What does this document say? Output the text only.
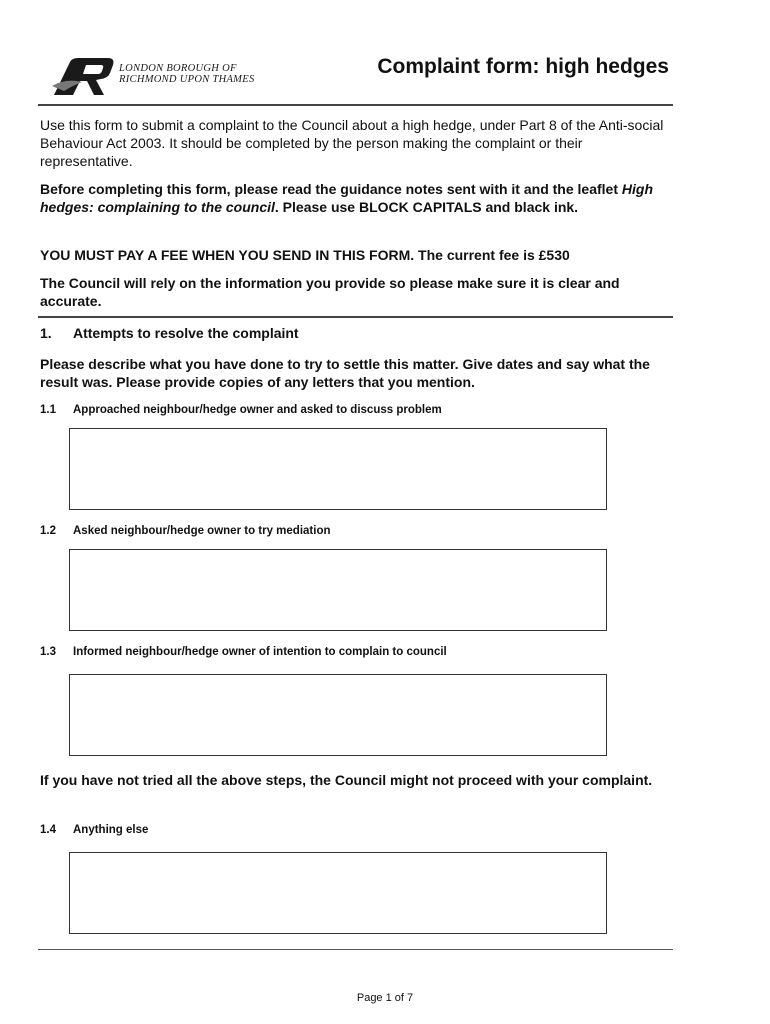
LONDON BOROUGH OF
RICHMOND UPON THAMES
Complaint form: high hedges

Use this form to submit a complaint to the Council about a high hedge, under Part 8 of the Anti-social Behaviour Act 2003. It should be completed by the person making the complaint or their representative.

Before completing this form, please read the guidance notes sent with it and the leaflet High hedges: complaining to the council. Please use BLOCK CAPITALS and black ink.

YOU MUST PAY A FEE WHEN YOU SEND IN THIS FORM. The current fee is £530

The Council will rely on the information you provide so please make sure it is clear and accurate.

1. Attempts to resolve the complaint

Please describe what you have done to try to settle this matter. Give dates and say what the result was. Please provide copies of any letters that you mention.

1.1 Approached neighbour/hedge owner and asked to discuss problem
1.2 Asked neighbour/hedge owner to try mediation
1.3 Informed neighbour/hedge owner of intention to complain to council

If you have not tried all the above steps, the Council might not proceed with your complaint.

1.4 Anything else
Page 1 of 7
